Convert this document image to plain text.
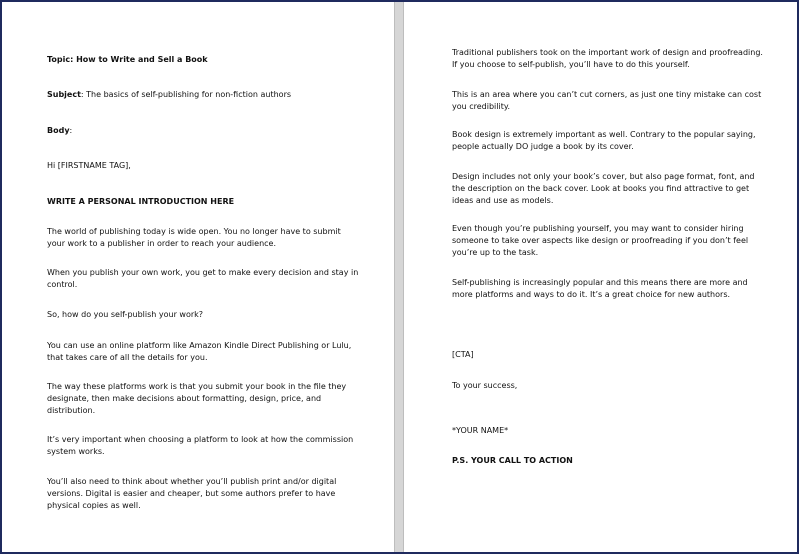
Topic: How to Write and Sell a Book

Subject: The basics of self-publishing for non-fiction authors

Body:

Hi [FIRSTNAME TAG],

WRITE A PERSONAL INTRODUCTION HERE

The world of publishing today is wide open. You no longer have to submit your work to a publisher in order to reach your audience.

When you publish your own work, you get to make every decision and stay in control.

So, how do you self-publish your work?

You can use an online platform like Amazon Kindle Direct Publishing or Lulu, that takes care of all the details for you.

The way these platforms work is that you submit your book in the file they designate, then make decisions about formatting, design, price, and distribution.

It’s very important when choosing a platform to look at how the commission system works.

You’ll also need to think about whether you’ll publish print and/or digital versions. Digital is easier and cheaper, but some authors prefer to have physical copies as well.

Traditional publishers took on the important work of design and proofreading. If you choose to self-publish, you’ll have to do this yourself.

This is an area where you can’t cut corners, as just one tiny mistake can cost you credibility.

Book design is extremely important as well. Contrary to the popular saying, people actually DO judge a book by its cover.

Design includes not only your book’s cover, but also page format, font, and the description on the back cover. Look at books you find attractive to get ideas and use as models.

Even though you’re publishing yourself, you may want to consider hiring someone to take over aspects like design or proofreading if you don’t feel you’re up to the task.

Self-publishing is increasingly popular and this means there are more and more platforms and ways to do it. It’s a great choice for new authors.

[CTA]

To your success,

*YOUR NAME*

P.S. YOUR CALL TO ACTION
